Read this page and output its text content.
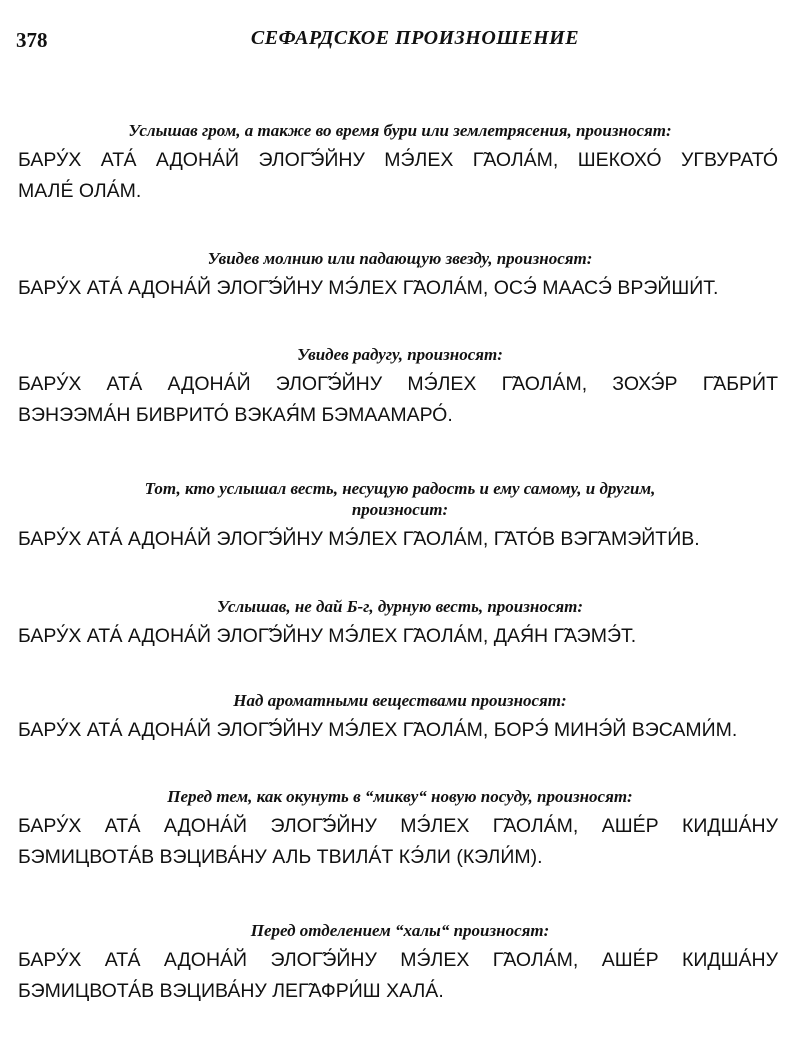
378	СЕФАРДСКОЕ ПРОИЗНОШЕНИЕ
Услышав гром, а также во время бури или землетрясения, произносят:
БАРУ́Х АТА́ АДОНА́Й ЭЛОГ̃Э́ЙНУ МЭ́ЛЕХ Г̃АОЛА́М, ШЕКОХО́ УГВУРАТО́
МАЛЕ́ ОЛА́М.
Увидев молнию или падающую звезду, произносят:
БАРУ́Х АТА́ АДОНА́Й ЭЛОГ̃Э́ЙНУ МЭ́ЛЕХ Г̃АОЛА́М, ОСЭ́ МААСЭ́ ВРЭЙШИ́Т.
Увидев радугу, произносят:
БАРУ́Х АТА́ АДОНА́Й ЭЛОГ̃Э́ЙНУ МЭ́ЛЕХ Г̃АОЛА́М, ЗОХЭ́Р Г̃АБРИ́Т
ВЭНЭЭМА́Н БИВРИТО́ ВЭКАЯ́М БЭМААМАРО́.
Тот, кто услышал весть, несущую радость и ему самому, и другим,
произносит:
БАРУ́Х АТА́ АДОНА́Й ЭЛОГ̃Э́ЙНУ МЭ́ЛЕХ Г̃АОЛА́М, Г̃АТО́В ВЭГ̃АМЭЙТИ́В.
Услышав, не дай Б-г, дурную весть, произносят:
БАРУ́Х АТА́ АДОНА́Й ЭЛОГ̃Э́ЙНУ МЭ́ЛЕХ Г̃АОЛА́М, ДАЯ́Н Г̃АЭМЭ́Т.
Над ароматными веществами произносят:
БАРУ́Х АТА́ АДОНА́Й ЭЛОГ̃Э́ЙНУ МЭ́ЛЕХ Г̃АОЛА́М, БОРЭ́ МИНЭ́Й ВЭСАМИ́М.
Перед тем, как окунуть в “микву“ новую посуду, произносят:
БАРУ́Х АТА́ АДОНА́Й ЭЛОГ̃Э́ЙНУ МЭ́ЛЕХ Г̃АОЛА́М, АШЕ́Р КИДША́НУ
БЭМИЦВОТА́В ВЭЦИВА́НУ АЛЬ ТВИЛА́Т КЭ́ЛИ (КЭЛИ́М).
Перед отделением “халы“ произносят:
БАРУ́Х АТА́ АДОНА́Й ЭЛОГ̃Э́ЙНУ МЭ́ЛЕХ Г̃АОЛА́М, АШЕ́Р КИДША́НУ
БЭМИЦВОТА́В ВЭЦИВА́НУ ЛЕГ̃АФРИ́Ш ХАЛА́.
